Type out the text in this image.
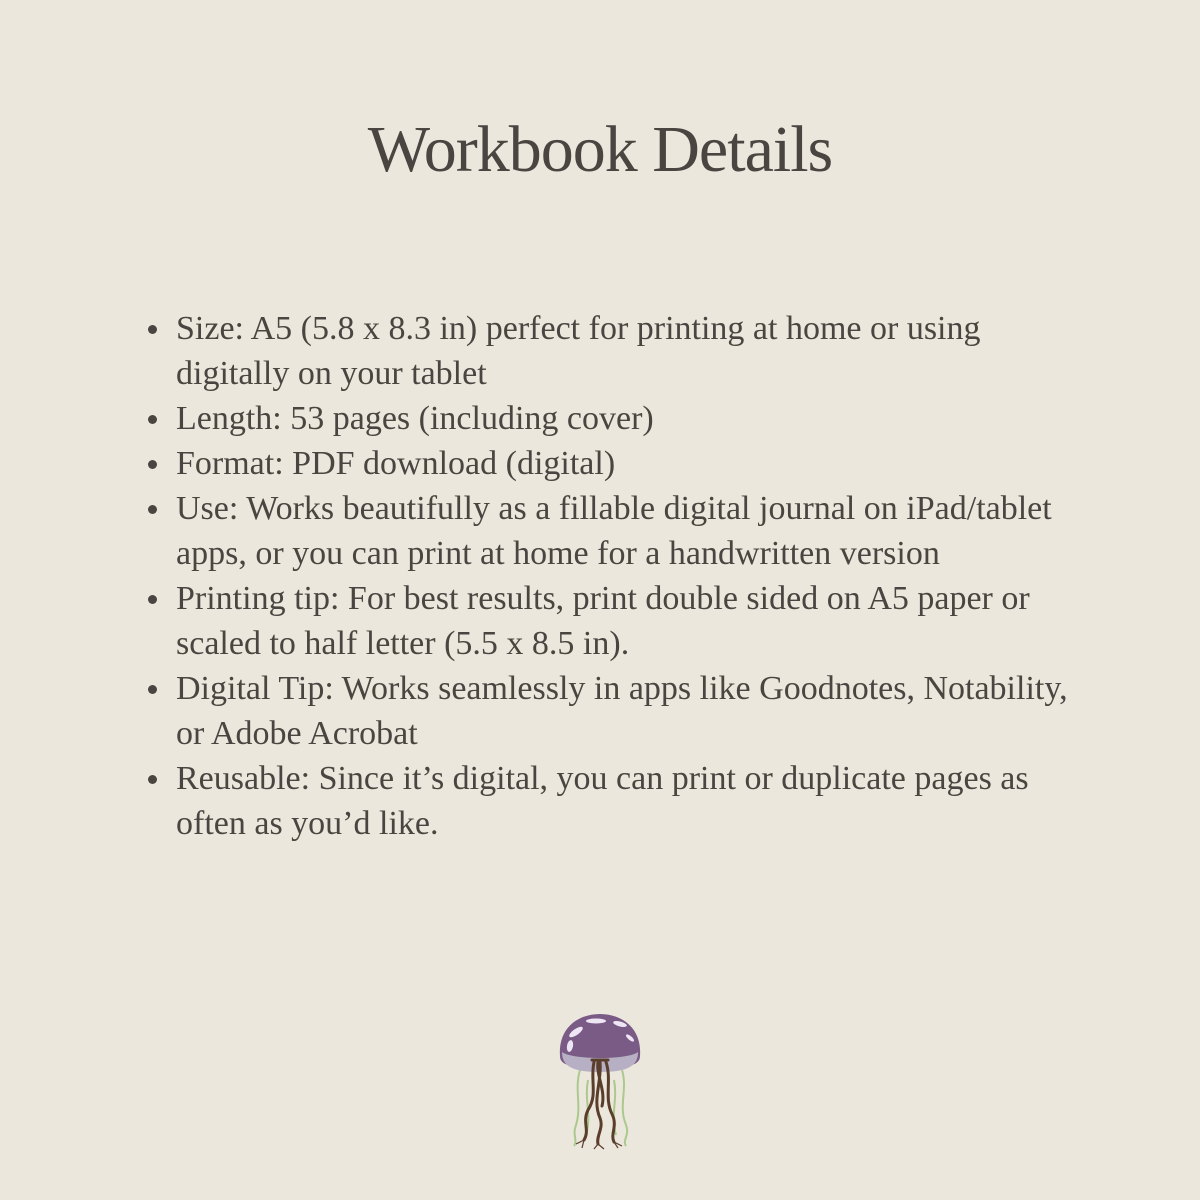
Workbook Details
Size: A5 (5.8 x 8.3 in) perfect for printing at home or using digitally on your tablet
Length: 53 pages (including cover)
Format: PDF download (digital)
Use: Works beautifully as a fillable digital journal on iPad/tablet apps, or you can print at home for a handwritten version
Printing tip: For best results, print double sided on A5 paper or scaled to half letter (5.5 x 8.5 in).
Digital Tip: Works seamlessly in apps like Goodnotes, Notability, or Adobe Acrobat
Reusable: Since it’s digital, you can print or duplicate pages as often as you’d like.
